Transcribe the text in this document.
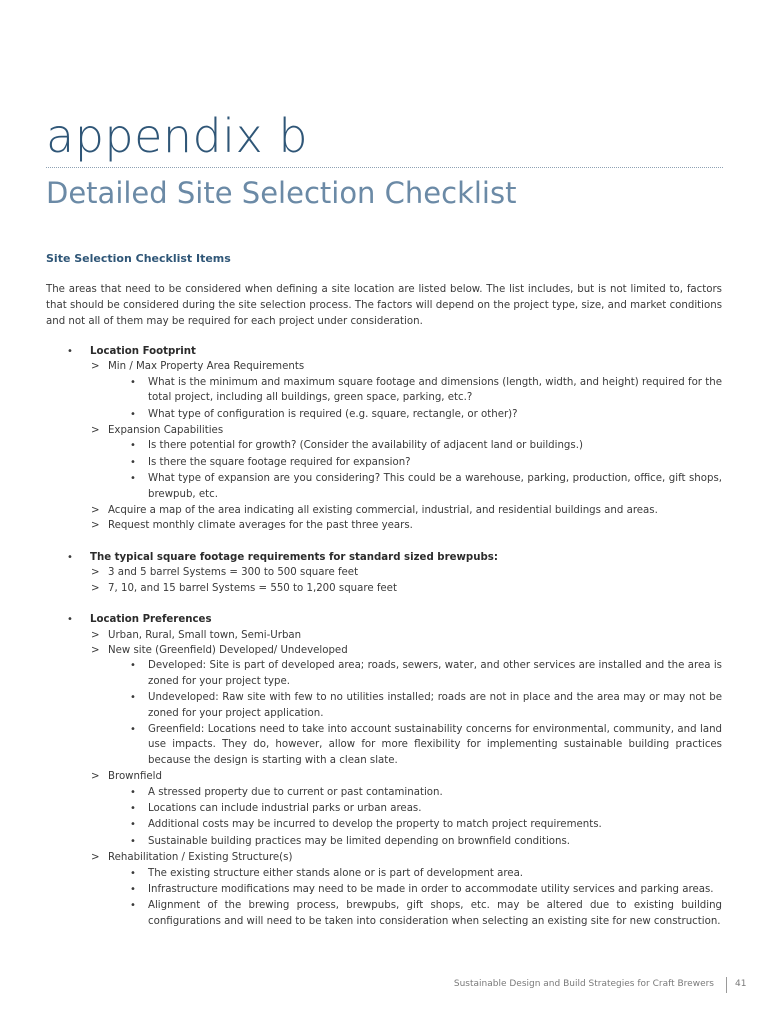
appendix b
Detailed Site Selection Checklist
Site Selection Checklist Items

The areas that need to be considered when defining a site location are listed below. The list includes, but is not limited to, factors that should be considered during the site selection process. The factors will depend on the project type, size, and market conditions and not all of them may be required for each project under consideration.

• Location Footprint
> Min / Max Property Area Requirements
• What is the minimum and maximum square footage and dimensions (length, width, and height) required for the total project, including all buildings, green space, parking, etc.?
• What type of configuration is required (e.g. square, rectangle, or other)?
> Expansion Capabilities
• Is there potential for growth? (Consider the availability of adjacent land or buildings.)
• Is there the square footage required for expansion?
• What type of expansion are you considering? This could be a warehouse, parking, production, office, gift shops, brewpub, etc.
> Acquire a map of the area indicating all existing commercial, industrial, and residential buildings and areas.
> Request monthly climate averages for the past three years.
• The typical square footage requirements for standard sized brewpubs:
> 3 and 5 barrel Systems = 300 to 500 square feet
> 7, 10, and 15 barrel Systems = 550 to 1,200 square feet
• Location Preferences
> Urban, Rural, Small town, Semi-Urban
> New site (Greenfield) Developed/ Undeveloped
• Developed: Site is part of developed area; roads, sewers, water, and other services are installed and the area is zoned for your project type.
• Undeveloped: Raw site with few to no utilities installed; roads are not in place and the area may or may not be zoned for your project application.
• Greenfield: Locations need to take into account sustainability concerns for environmental, community, and land use impacts. They do, however, allow for more flexibility for implementing sustainable building practices because the design is starting with a clean slate.
> Brownfield
• A stressed property due to current or past contamination.
• Locations can include industrial parks or urban areas.
• Additional costs may be incurred to develop the property to match project requirements.
• Sustainable building practices may be limited depending on brownfield conditions.
> Rehabilitation / Existing Structure(s)
• The existing structure either stands alone or is part of development area.
• Infrastructure modifications may need to be made in order to accommodate utility services and parking areas.
• Alignment of the brewing process, brewpubs, gift shops, etc. may be altered due to existing building configurations and will need to be taken into consideration when selecting an existing site for new construction.
Sustainable Design and Build Strategies for Craft Brewers 41
